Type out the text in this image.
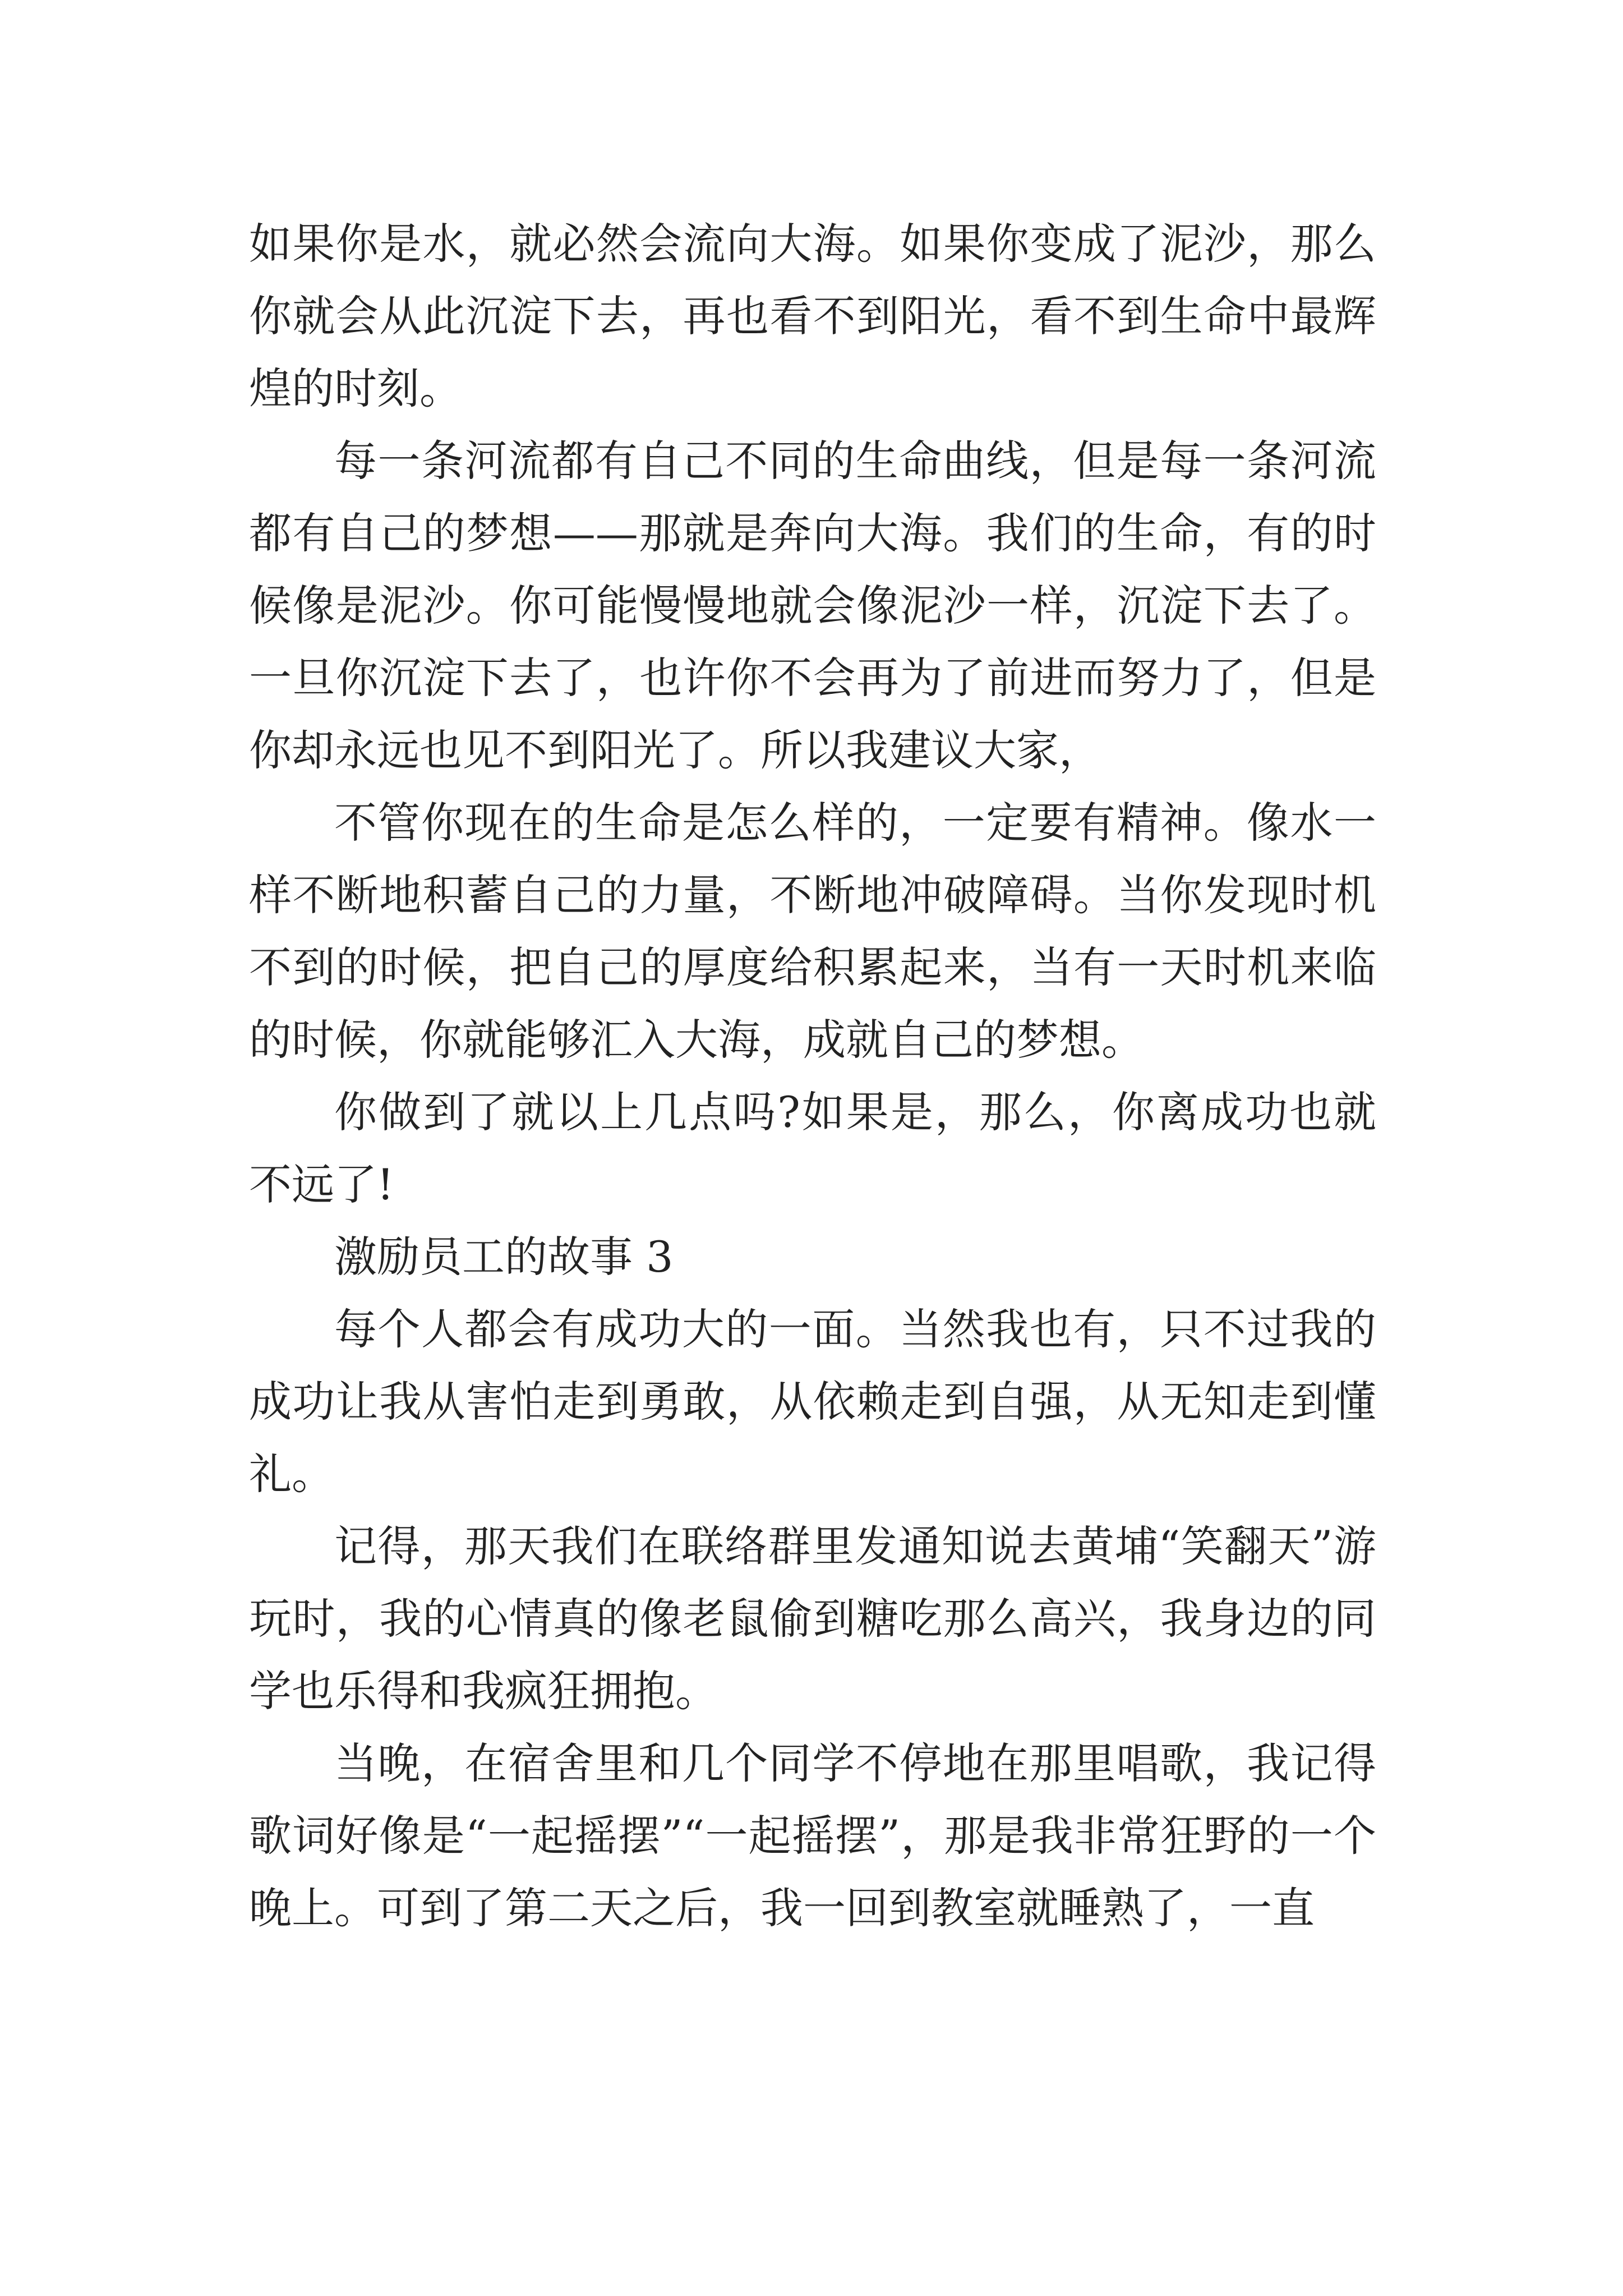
如果你是水，就必然会流向大海。如果你变成了泥沙，那么你就会从此沉淀下去，再也看不到阳光，看不到生命中最辉煌的时刻。

每一条河流都有自己不同的生命曲线，但是每一条河流都有自己的梦想——那就是奔向大海。我们的生命，有的时候像是泥沙。你可能慢慢地就会像泥沙一样，沉淀下去了。一旦你沉淀下去了，也许你不会再为了前进而努力了，但是你却永远也见不到阳光了。所以我建议大家，

不管你现在的生命是怎么样的，一定要有精神。像水一样不断地积蓄自己的力量，不断地冲破障碍。当你发现时机不到的时候，把自己的厚度给积累起来，当有一天时机来临的时候，你就能够汇入大海，成就自己的梦想。

你做到了就以上几点吗?如果是，那么，你离成功也就不远了!

激励员工的故事 3

每个人都会有成功大的一面。当然我也有，只不过我的成功让我从害怕走到勇敢，从依赖走到自强，从无知走到懂礼。

记得，那天我们在联络群里发通知说去黄埔“笑翻天”游玩时，我的心情真的像老鼠偷到糖吃那么高兴，我身边的同学也乐得和我疯狂拥抱。

当晚，在宿舍里和几个同学不停地在那里唱歌，我记得歌词好像是“一起摇摆”“一起摇摆”，那是我非常狂野的一个晚上。可到了第二天之后，我一回到教室就睡熟了，一直
